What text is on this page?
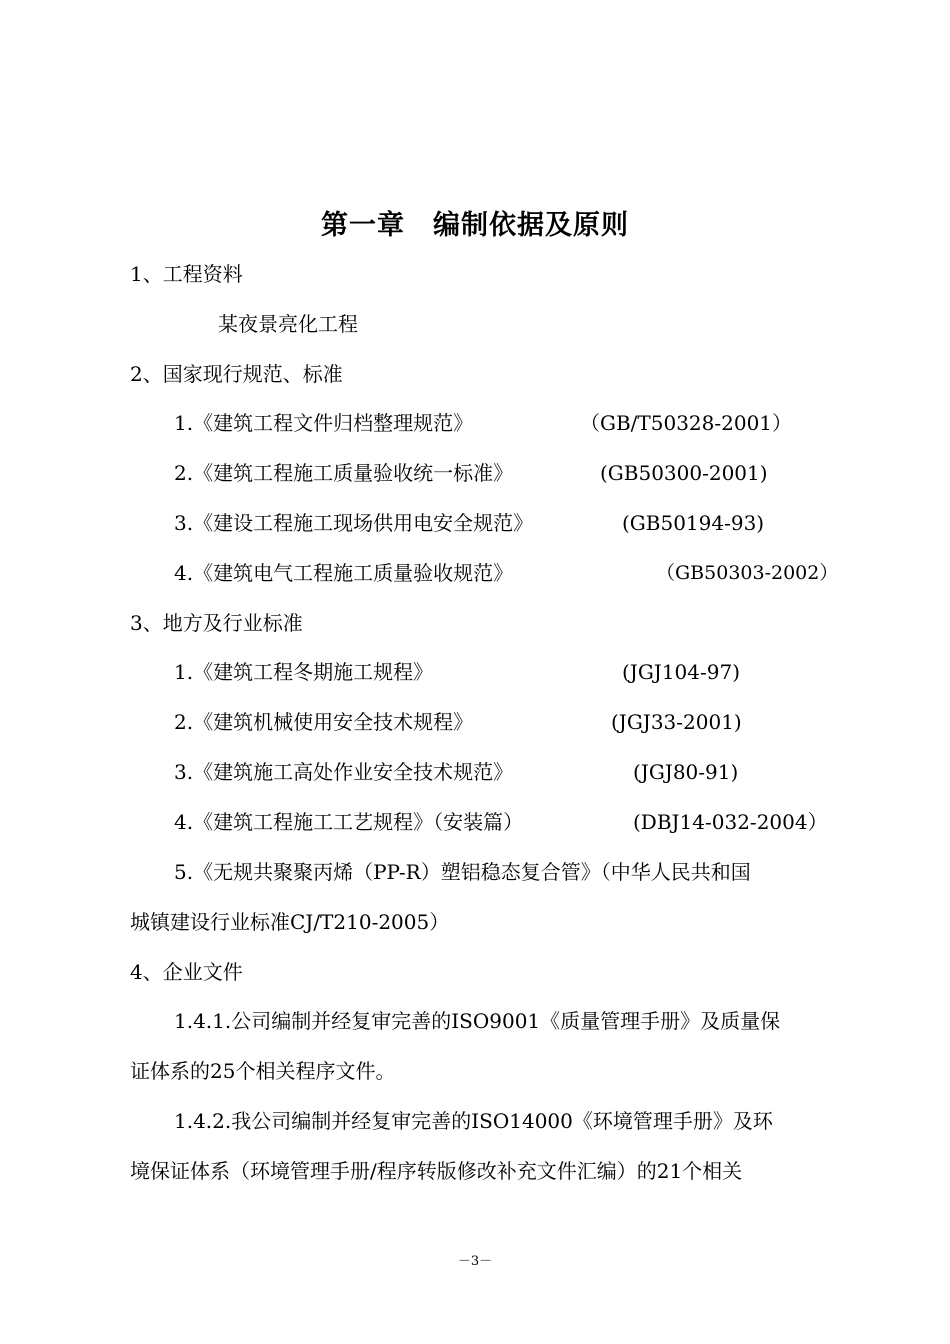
第一章　编制依据及原则
1、工程资料
某夜景亮化工程
2、国家现行规范、标准
1.《建筑工程文件归档整理规范》	（GB/T50328-2001）
2.《建筑工程施工质量验收统一标准》	(GB50300-2001)
3.《建设工程施工现场供用电安全规范》	(GB50194-93)
4.《建筑电气工程施工质量验收规范》	（GB50303-2002）
3、地方及行业标准
1.《建筑工程冬期施工规程》	(JGJ104-97)
2.《建筑机械使用安全技术规程》	(JGJ33-2001)
3.《建筑施工高处作业安全技术规范》	(JGJ80-91)
4.《建筑工程施工工艺规程》（安装篇）	(DBJ14-032-2004）
5.《无规共聚聚丙烯（PP-R）塑铝稳态复合管》（中华人民共和国
城镇建设行业标准CJ/T210-2005）
4、企业文件
1.4.1.公司编制并经复审完善的ISO9001《质量管理手册》及质量保
证体系的25个相关程序文件。
1.4.2.我公司编制并经复审完善的ISO14000《环境管理手册》及环
境保证体系（环境管理手册/程序转版修改补充文件汇编）的21个相关
－3－
